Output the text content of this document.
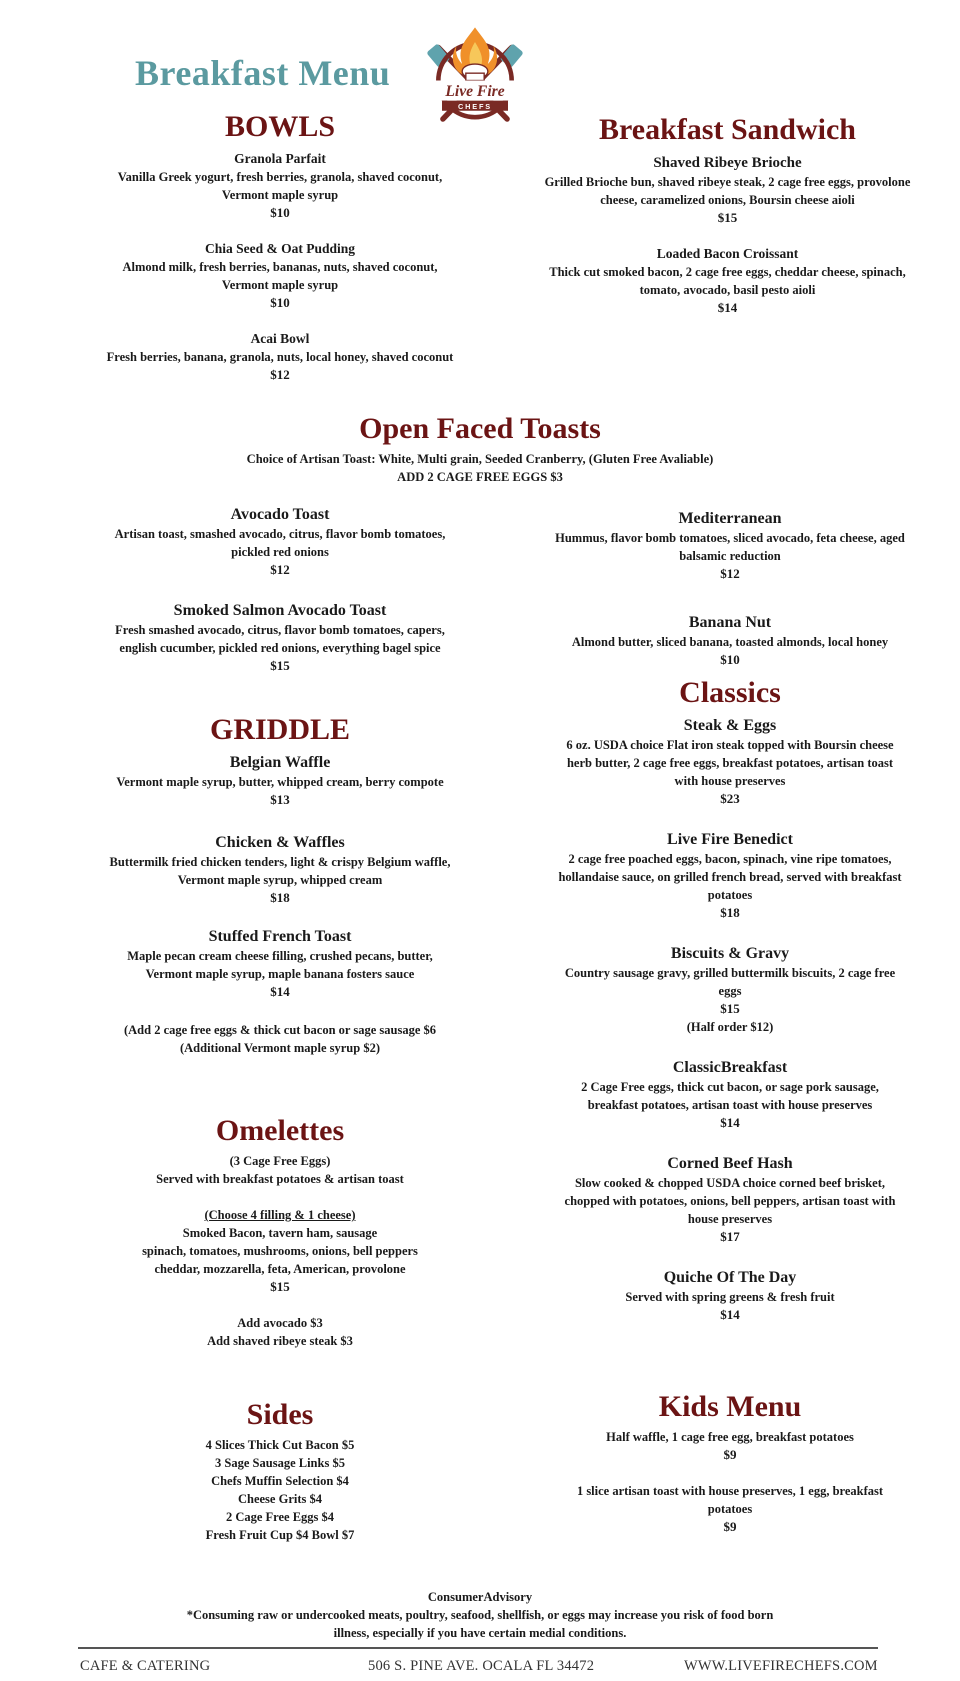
Breakfast Menu	Live Fire
CHEFS
BOWLS

Granola Parfait

Vanilla Greek yogurt, fresh berries, granola, shaved coconut,

Vermont maple syrup

$10

Chia Seed & Oat Pudding

Almond milk, fresh berries, bananas, nuts, shaved coconut,

Vermont maple syrup

$10

Acai Bowl

Fresh berries, banana, granola, nuts, local honey, shaved coconut

$12

Breakfast Sandwich

Shaved Ribeye Brioche

Grilled Brioche bun, shaved ribeye steak, 2 cage free eggs, provolone

cheese, caramelized onions, Boursin cheese aioli

$15

Loaded Bacon Croissant

Thick cut smoked bacon, 2 cage free eggs, cheddar cheese, spinach,

tomato, avocado, basil pesto aioli

$14

Open Faced Toasts

Choice of Artisan Toast: White, Multi grain, Seeded Cranberry, (Gluten Free Avaliable)

ADD 2 CAGE FREE EGGS $3

Avocado Toast

Artisan toast, smashed avocado, citrus, flavor bomb tomatoes,

pickled red onions

$12

Smoked Salmon Avocado Toast

Fresh smashed avocado, citrus, flavor bomb tomatoes, capers,

english cucumber, pickled red onions, everything bagel spice

$15

Mediterranean

Hummus, flavor bomb tomatoes, sliced avocado, feta cheese, aged

balsamic reduction

$12

Banana Nut

Almond butter, sliced banana, toasted almonds, local honey

$10

GRIDDLE

Belgian Waffle

Vermont maple syrup, butter, whipped cream, berry compote

$13

Chicken & Waffles

Buttermilk fried chicken tenders, light & crispy Belgium waffle,

Vermont maple syrup, whipped cream

$18

Stuffed French Toast

Maple pecan cream cheese filling, crushed pecans, butter,

Vermont maple syrup, maple banana fosters sauce

$14

(Add 2 cage free eggs & thick cut bacon or sage sausage $6

(Additional Vermont maple syrup $2)

Classics

Steak & Eggs

6 oz. USDA choice Flat iron steak topped with Boursin cheese

herb butter, 2 cage free eggs, breakfast potatoes, artisan toast

with house preserves

$23

Live Fire Benedict

2 cage free poached eggs, bacon, spinach, vine ripe tomatoes,

hollandaise sauce, on grilled french bread, served with breakfast

potatoes

$18

Biscuits & Gravy

Country sausage gravy, grilled buttermilk biscuits, 2 cage free

eggs

$15

(Half order $12)

ClassicBreakfast

2 Cage Free eggs, thick cut bacon, or sage pork sausage,

breakfast potatoes, artisan toast with house preserves

$14

Corned Beef Hash

Slow cooked & chopped USDA choice corned beef brisket,

chopped with potatoes, onions, bell peppers, artisan toast with

house preserves

$17

Quiche Of The Day

Served with spring greens & fresh fruit

$14

Omelettes

(3 Cage Free Eggs)

Served with breakfast potatoes & artisan toast

(Choose 4 filling & 1 cheese)

Smoked Bacon, tavern ham, sausage

spinach, tomatoes, mushrooms, onions, bell peppers

cheddar, mozzarella, feta, American, provolone

$15

Add avocado $3

Add shaved ribeye steak $3

Sides

4 Slices Thick Cut Bacon $5

3 Sage Sausage Links $5

Chefs Muffin Selection $4

Cheese Grits $4

2 Cage Free Eggs $4

Fresh Fruit Cup $4 Bowl $7

Kids Menu

Half waffle, 1 cage free egg, breakfast potatoes

$9

1 slice artisan toast with house preserves, 1 egg, breakfast

potatoes

$9

ConsumerAdvisory

*Consuming raw or undercooked meats, poultry, seafood, shellfish, or eggs may increase you risk of food born

illness, especially if you have certain medial conditions.

CAFE & CATERING	506 S. PINE AVE. OCALA FL 34472	WWW.LIVEFIRECHEFS.COM
